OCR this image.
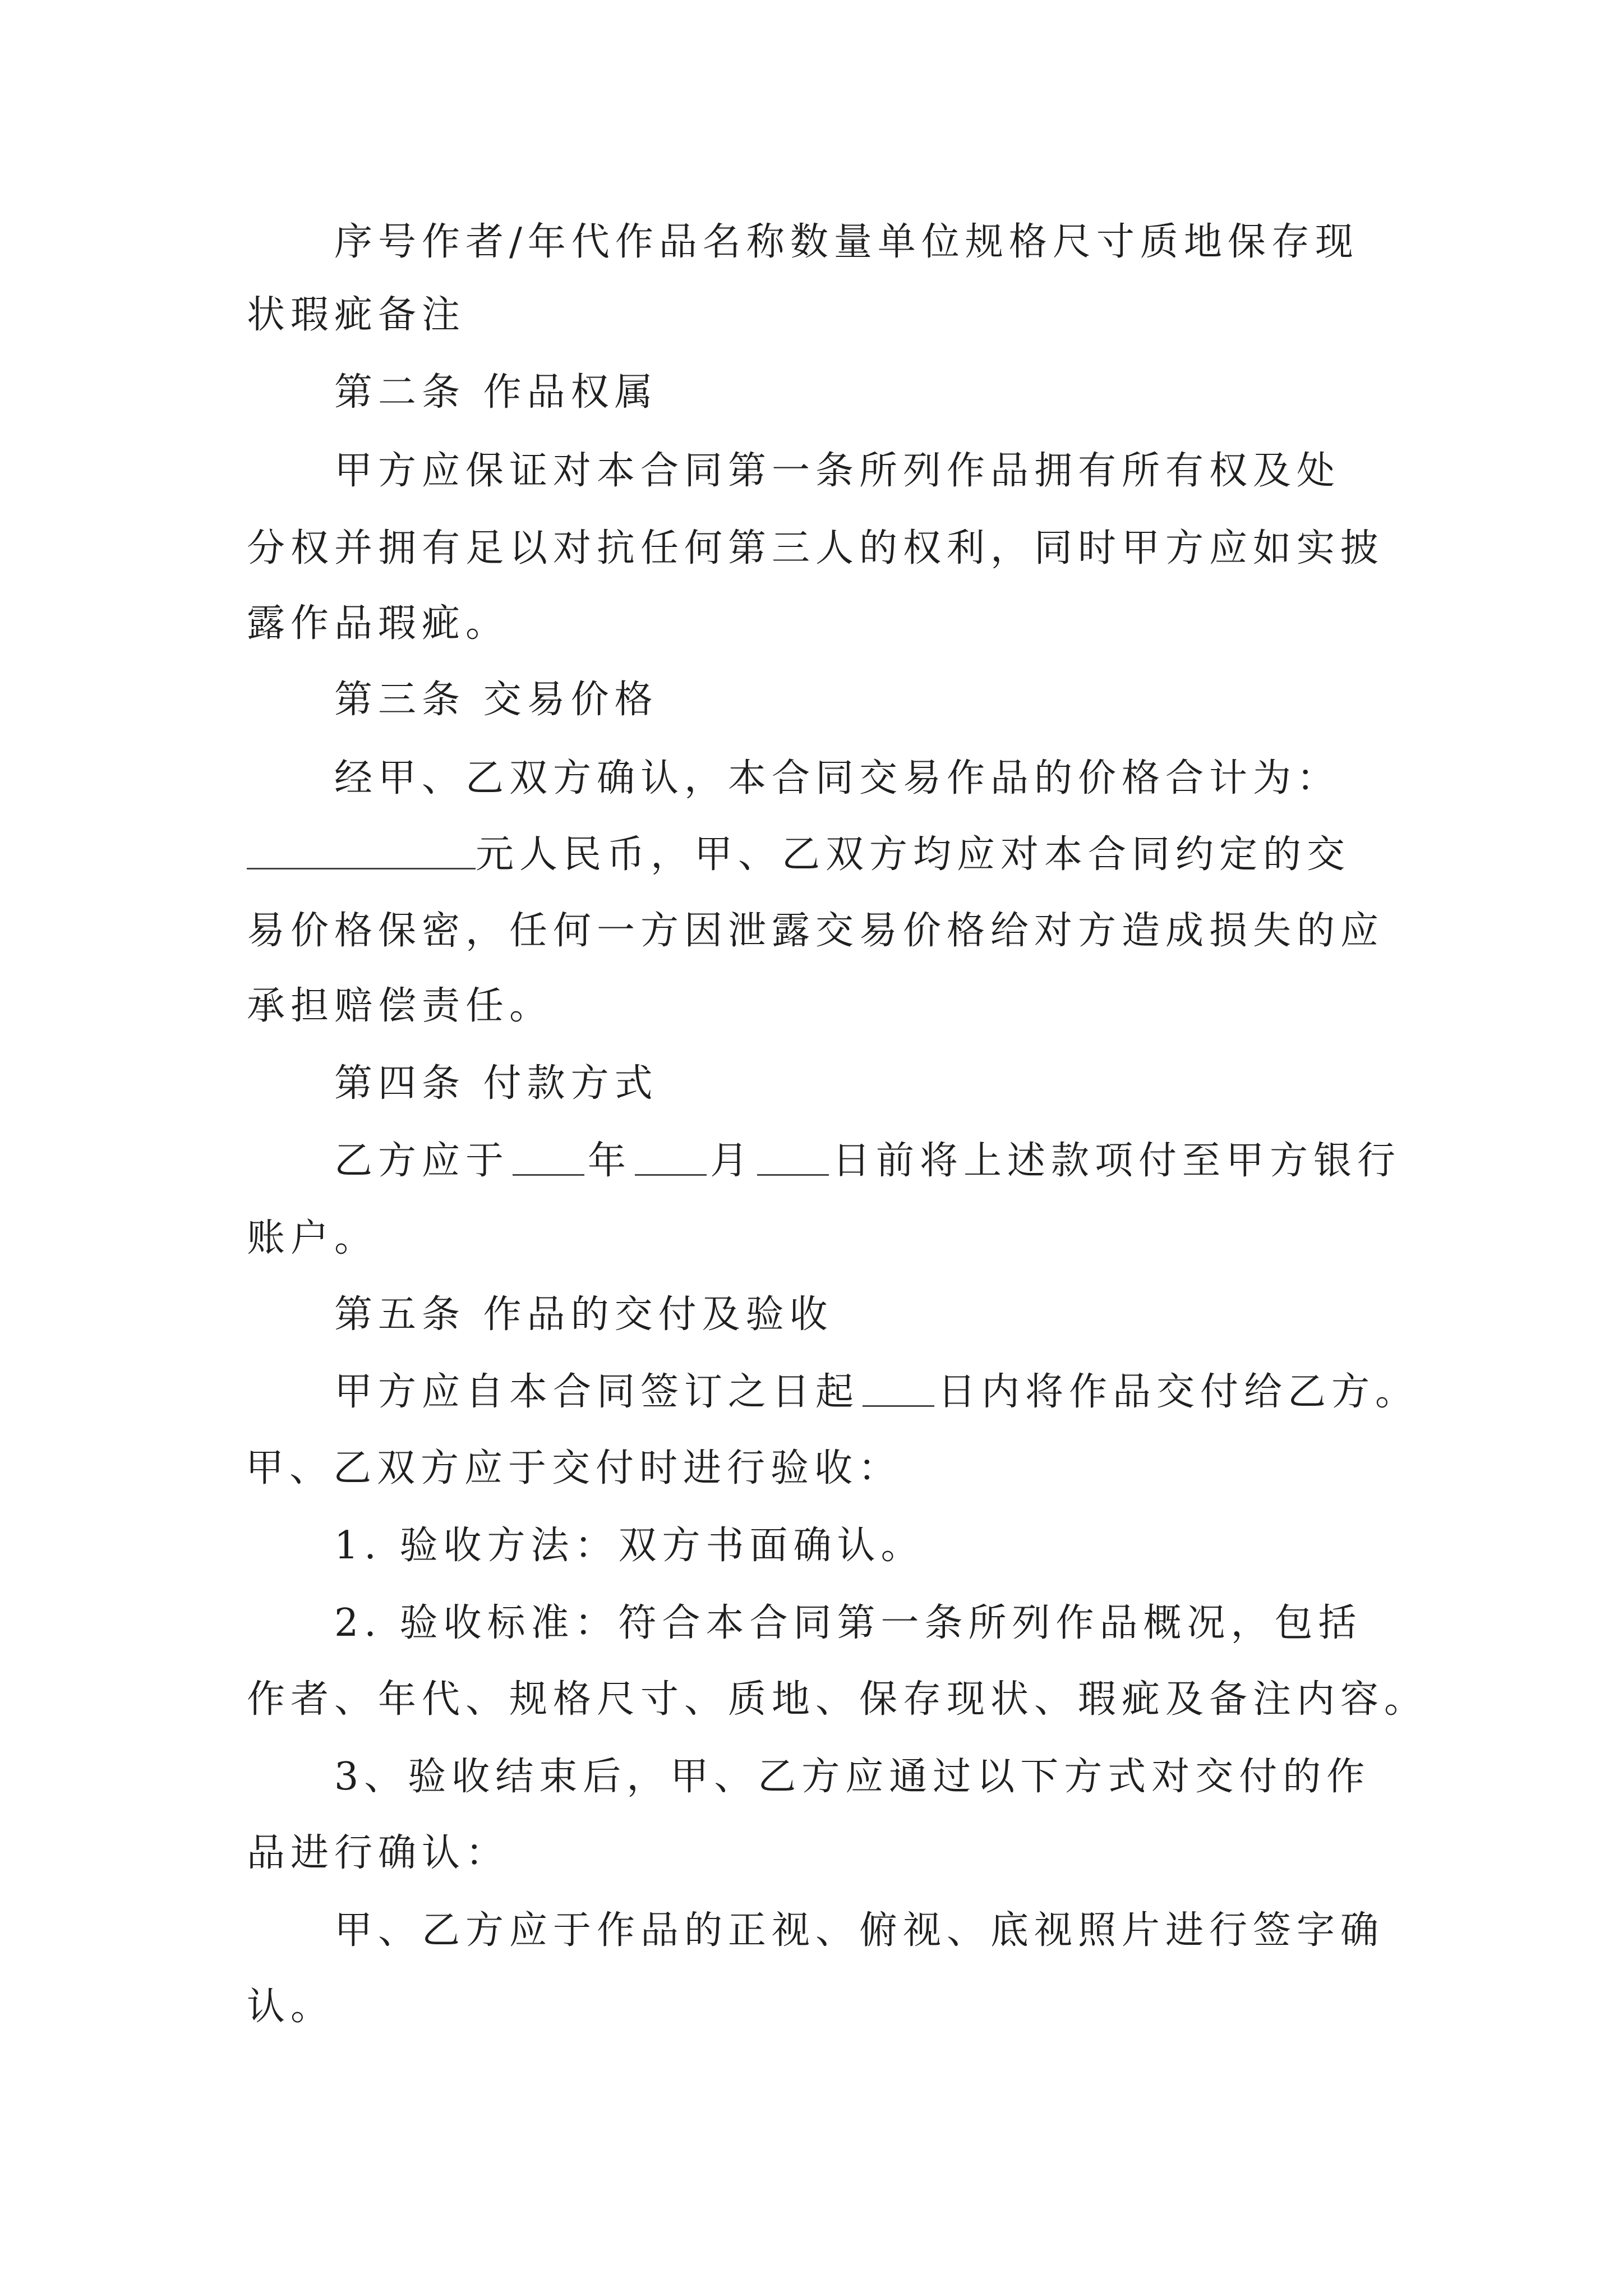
序号作者/年代作品名称数量单位规格尺寸质地保存现
状瑕疵备注
第二条 作品权属
甲方应保证对本合同第一条所列作品拥有所有权及处
分权并拥有足以对抗任何第三人的权利，同时甲方应如实披
露作品瑕疵。
第三条 交易价格
经甲、乙双方确认，本合同交易作品的价格合计为：
元人民币，甲、乙双方均应对本合同约定的交
易价格保密，任何一方因泄露交易价格给对方造成损失的应
承担赔偿责任。
第四条 付款方式
乙方应于 年 月 日前将上述款项付至甲方银行
账户。
第五条 作品的交付及验收
甲方应自本合同签订之日起 日内将作品交付给乙方。
甲、乙双方应于交付时进行验收：
1. 验收方法：双方书面确认。
2. 验收标准：符合本合同第一条所列作品概况，包括
作者、年代、规格尺寸、质地、保存现状、瑕疵及备注内容。
3、验收结束后，甲、乙方应通过以下方式对交付的作
品进行确认：
甲、乙方应于作品的正视、俯视、底视照片进行签字确
认。
